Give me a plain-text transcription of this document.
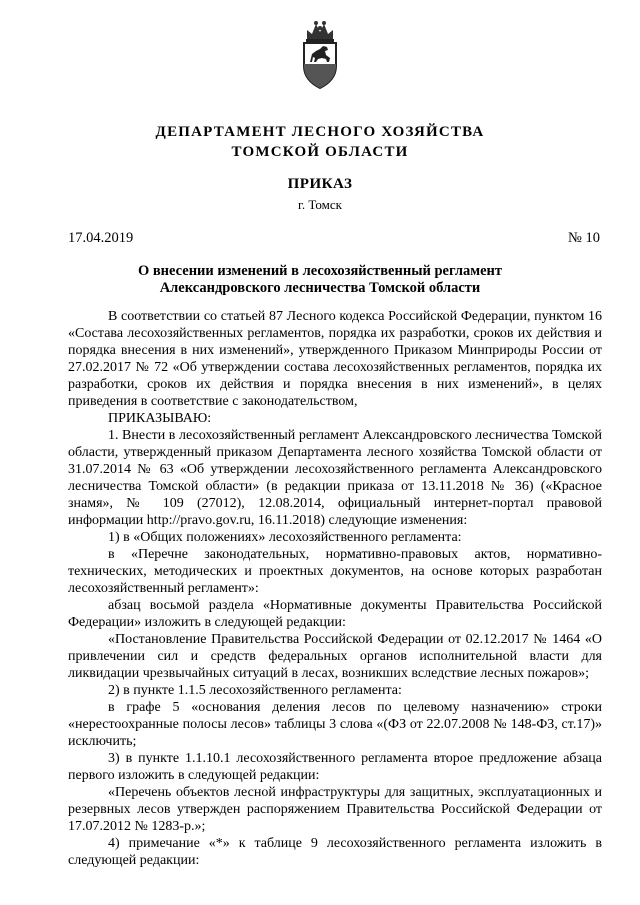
ДЕПАРТАМЕНТ ЛЕСНОГО ХОЗЯЙСТВА
ТОМСКОЙ ОБЛАСТИ
ПРИКАЗ
г. Томск
17.04.2019	№ 10
О внесении изменений в лесохозяйственный регламент
Александровского лесничества Томской области

В соответствии со статьей 87 Лесного кодекса Российской Федерации, пунктом 16 «Состава лесохозяйственных регламентов, порядка их разработки, сроков их действия и порядка внесения в них изменений», утвержденного Приказом Минприроды России от 27.02.2017 № 72 «Об утверждении состава лесохозяйственных регламентов, порядка их разработки, сроков их действия и порядка внесения в них изменений», в целях приведения в соответствие с законодательством,

ПРИКАЗЫВАЮ:

1. Внести в лесохозяйственный регламент Александровского лесничества Томской области, утвержденный приказом Департамента лесного хозяйства Томской области от 31.07.2014 № 63 «Об утверждении лесохозяйственного регламента Александровского лесничества Томской области» (в редакции приказа от 13.11.2018 № 36) («Красное знамя», № 109 (27012), 12.08.2014, официальный интернет-портал правовой информации http://pravo.gov.ru, 16.11.2018) следующие изменения:

1) в «Общих положениях» лесохозяйственного регламента:

в «Перечне законодательных, нормативно-правовых актов, нормативно-технических, методических и проектных документов, на основе которых разработан лесохозяйственный регламент»:

абзац восьмой раздела «Нормативные документы Правительства Российской Федерации» изложить в следующей редакции:

«Постановление Правительства Российской Федерации от 02.12.2017 № 1464 «О привлечении сил и средств федеральных органов исполнительной власти для ликвидации чрезвычайных ситуаций в лесах, возникших вследствие лесных пожаров»;

2) в пункте 1.1.5 лесохозяйственного регламента:

в графе 5 «основания деления лесов по целевому назначению» строки «нерестоохранные полосы лесов» таблицы 3 слова «(ФЗ от 22.07.2008 № 148-ФЗ, ст.17)» исключить;

3) в пункте 1.1.10.1 лесохозяйственного регламента второе предложение абзаца первого изложить в следующей редакции:

«Перечень объектов лесной инфраструктуры для защитных, эксплуатационных и резервных лесов утвержден распоряжением Правительства Российской Федерации от 17.07.2012 № 1283-р.»;

4) примечание «*» к таблице 9 лесохозяйственного регламента изложить в следующей редакции:
